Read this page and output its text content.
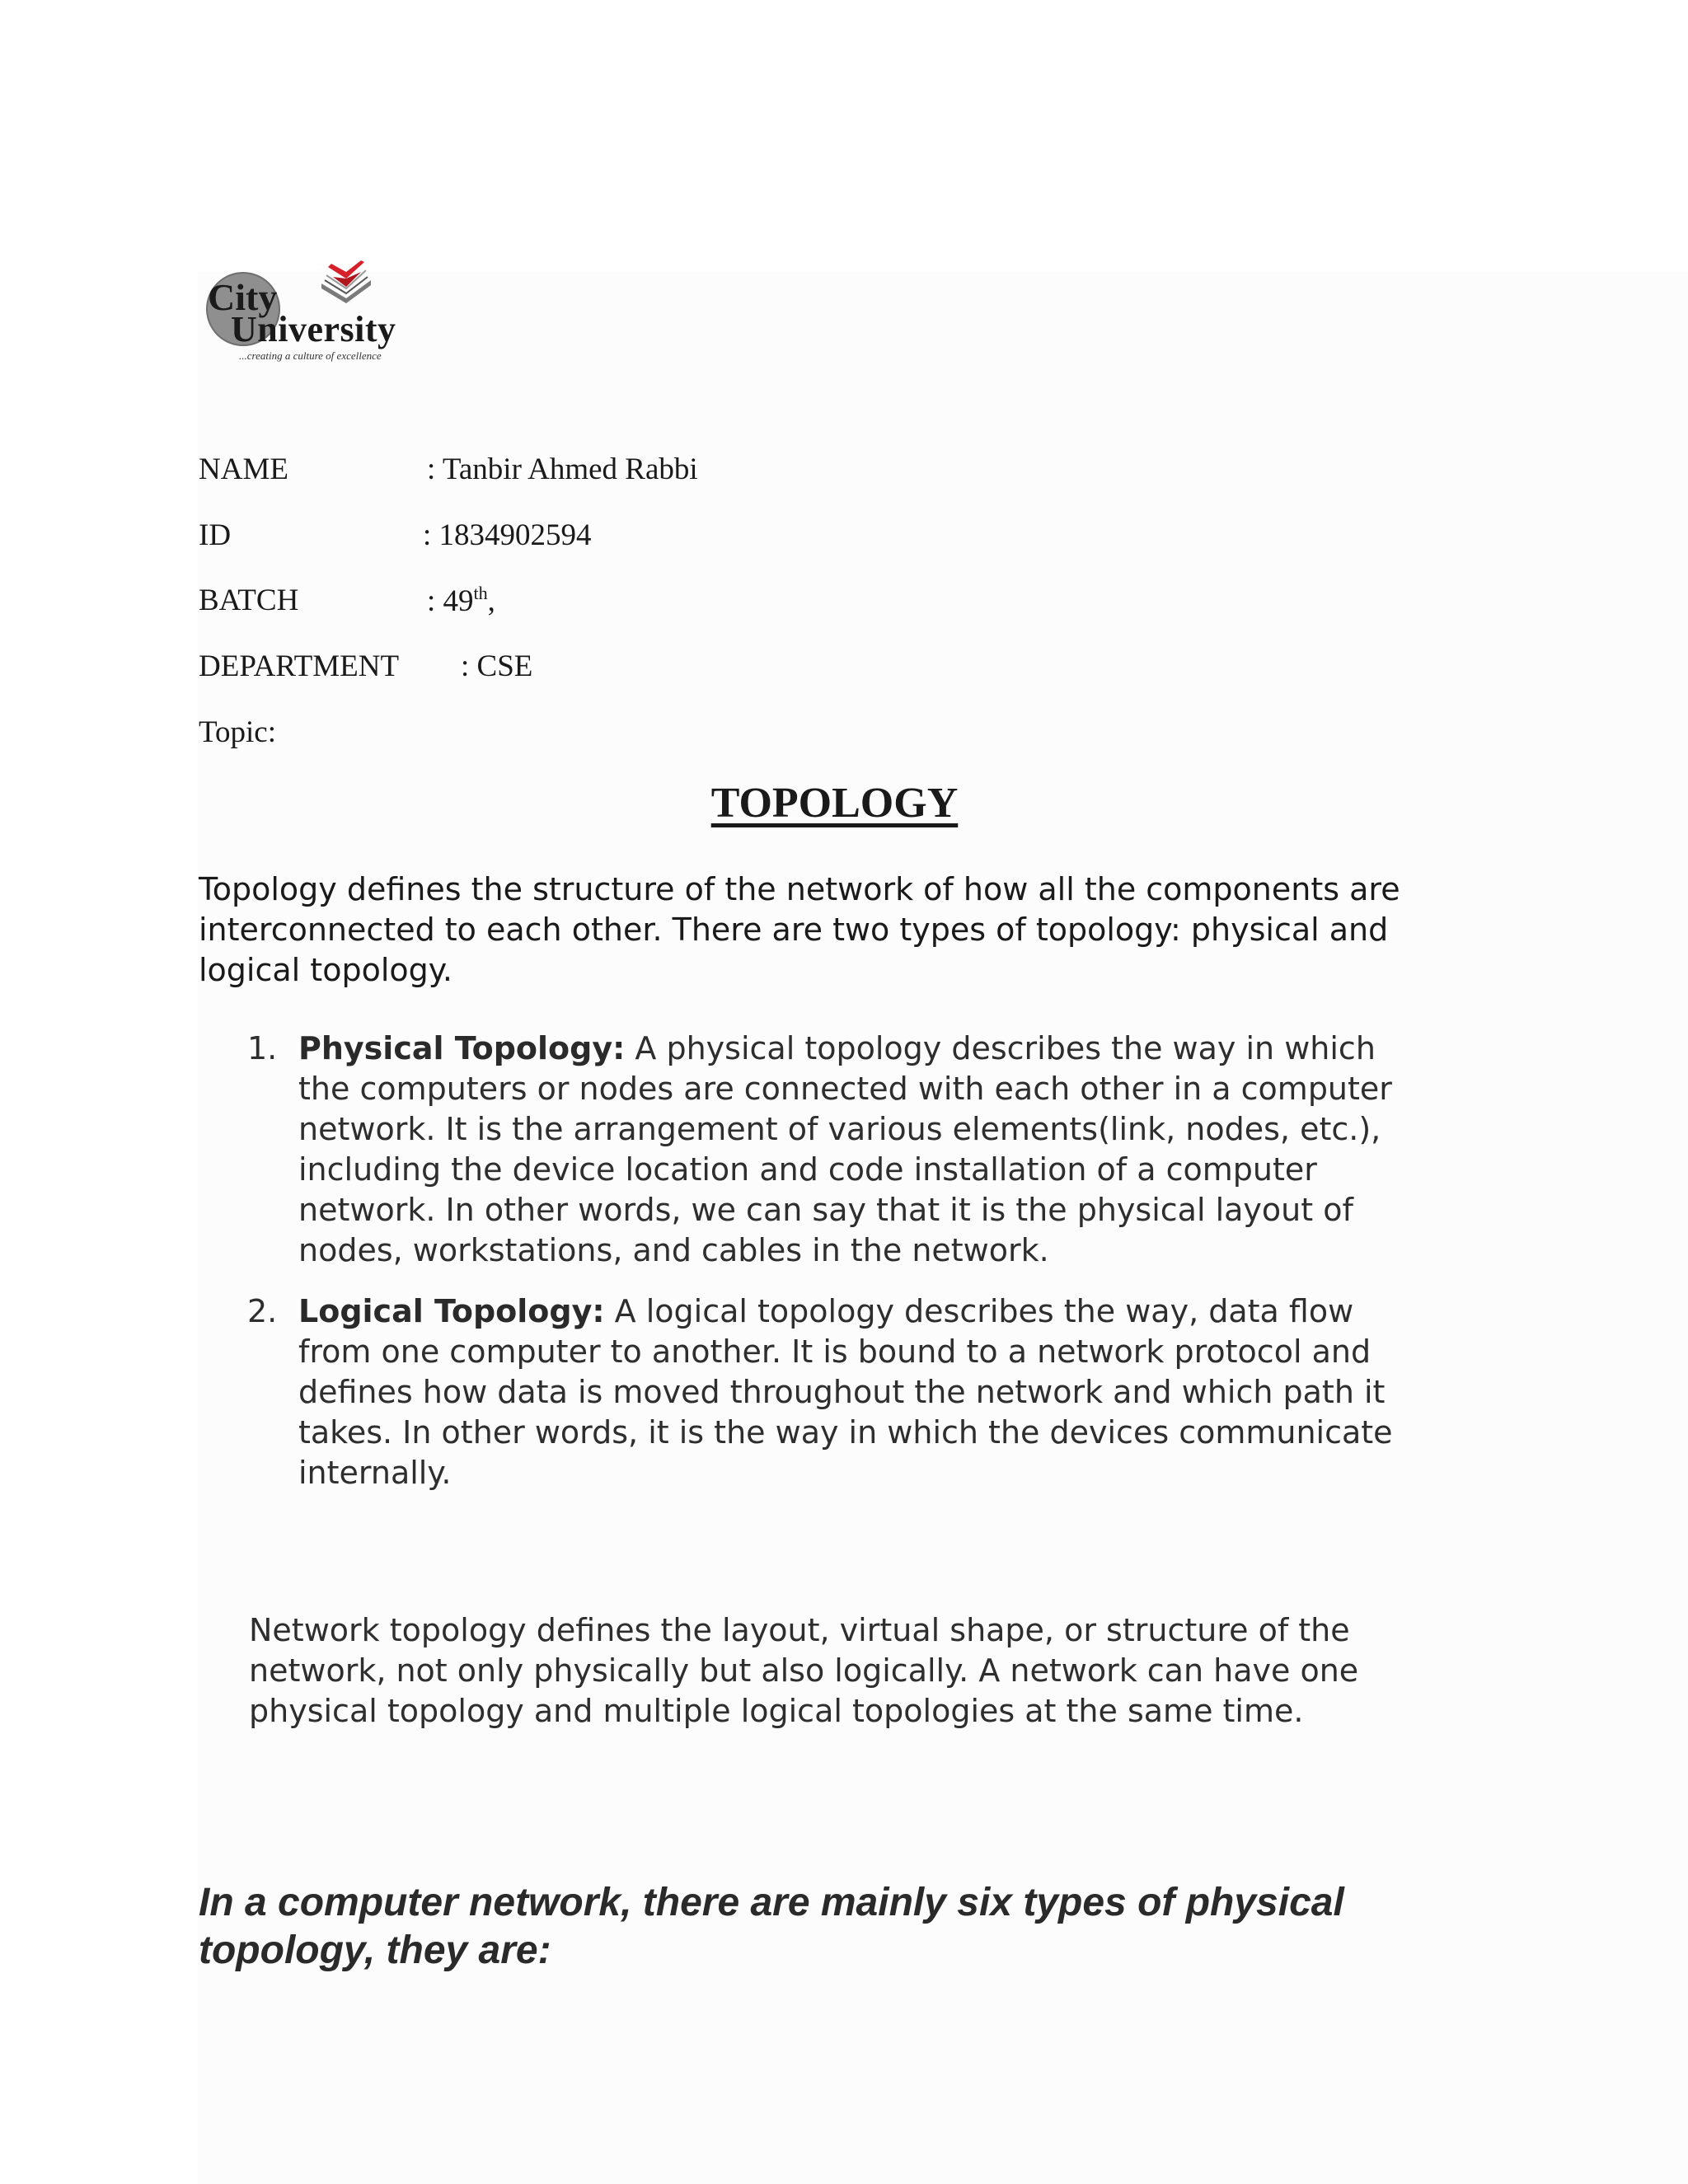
City
University
...creating a culture of excellence
NAME	: Tanbir Ahmed Rabbi
ID	: 1834902594
BATCH	: 49th,
DEPARTMENT : CSE
Topic:
TOPOLOGY
Topology defines the structure of the network of how all the components are
interconnected to each other. There are two types of topology: physical and
logical topology.
1. Physical Topology: A physical topology describes the way in which
the computers or nodes are connected with each other in a computer
network. It is the arrangement of various elements(link, nodes, etc.),
including the device location and code installation of a computer
network. In other words, we can say that it is the physical layout of
nodes, workstations, and cables in the network.
2. Logical Topology: A logical topology describes the way, data flow
from one computer to another. It is bound to a network protocol and
defines how data is moved throughout the network and which path it
takes. In other words, it is the way in which the devices communicate
internally.
Network topology defines the layout, virtual shape, or structure of the
network, not only physically but also logically. A network can have one
physical topology and multiple logical topologies at the same time.
In a computer network, there are mainly six types of physical
topology, they are:
